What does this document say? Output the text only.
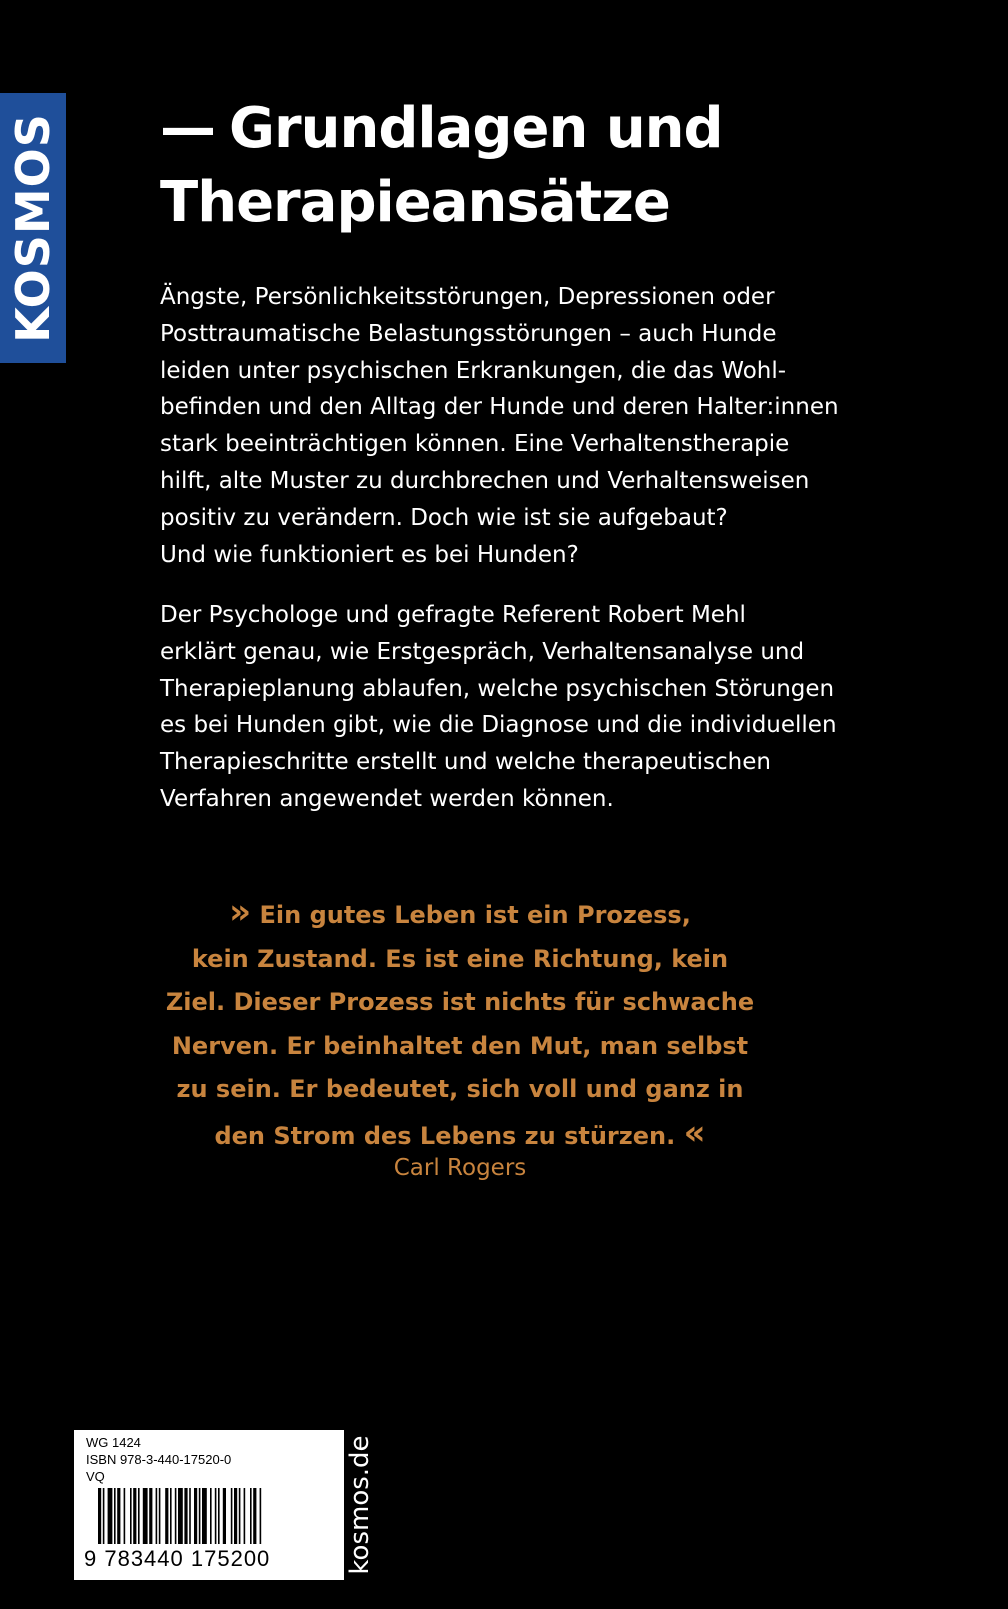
KOSMOS — Grundlagen und
Therapieansätze
Ängste, Persönlichkeitsstörungen, Depressionen oder
Posttraumatische Belastungsstörungen – auch Hunde
leiden unter psychischen Erkrankungen, die das Wohl-
befinden und den Alltag der Hunde und deren Halter:innen
stark beeinträchtigen können. Eine Verhaltenstherapie
hilft, alte Muster zu durchbrechen und Verhaltensweisen
positiv zu verändern. Doch wie ist sie aufgebaut?
Und wie funktioniert es bei Hunden?
Der Psychologe und gefragte Referent Robert Mehl
erklärt genau, wie Erstgespräch, Verhaltensanalyse und
Therapieplanung ablaufen, welche psychischen Störungen
es bei Hunden gibt, wie die Diagnose und die individuellen
Therapieschritte erstellt und welche therapeutischen
Verfahren angewendet werden können.
» Ein gutes Leben ist ein Prozess,
kein Zustand. Es ist eine Richtung, kein
Ziel. Dieser Prozess ist nichts für schwache
Nerven. Er beinhaltet den Mut, man selbst
zu sein. Er bedeutet, sich voll und ganz in
den Strom des Lebens zu stürzen. «
Carl Rogers
WG 1424
ISBN 978-3-440-17520-0
VQ
9 783440 175200	kosmos.de
